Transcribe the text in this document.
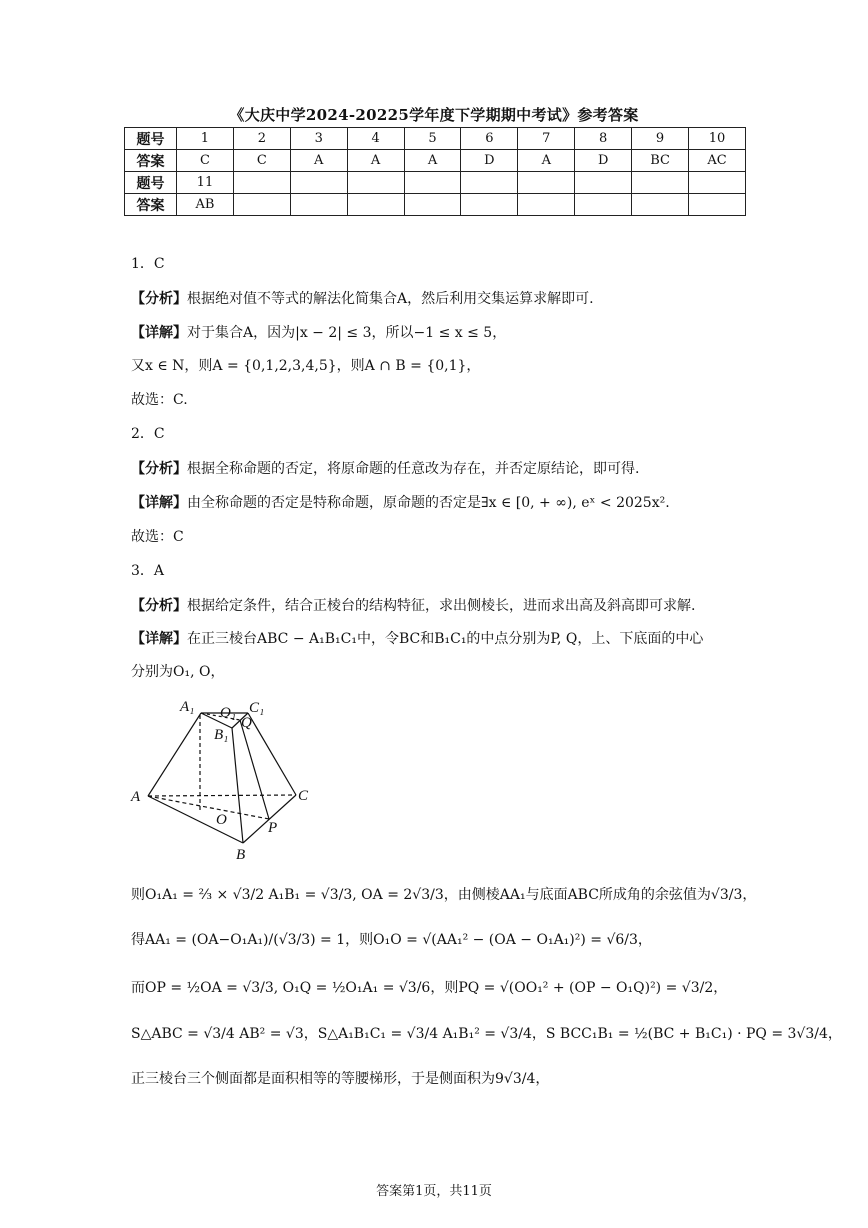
《大庆中学2024-20225学年度下学期期中考试》参考答案
题号	1	2	3	4	5	6	7	8	9	10
答案	C	C	A	A	A	D	A	D	BC	AC
题号	11									
答案	AB									
1．C
【分析】根据绝对值不等式的解法化简集合A，然后利用交集运算求解即可.
【详解】对于集合A，因为|x − 2| ≤ 3，所以−1 ≤ x ≤ 5，
又x ∈ N，则A = {0,1,2,3,4,5}，则A ∩ B = {0,1}，
故选：C.
2．C
【分析】根据全称命题的否定，将原命题的任意改为存在，并否定原结论，即可得.
【详解】由全称命题的否定是特称命题，原命题的否定是∃x ∈ [0, + ∞), eˣ < 2025x².
故选：C
3．A
【分析】根据给定条件，结合正棱台的结构特征，求出侧棱长，进而求出高及斜高即可求解.
【详解】在正三棱台ABC − A₁B₁C₁中，令BC和B₁C₁的中点分别为P, Q，上、下底面的中心
分别为O₁, O，
A₁ O₁ C₁
B₁
Q
A	C
O	P
B
则O₁A₁ = ⅔ × √3/2 A₁B₁ = √3/3, OA = 2√3/3，由侧棱AA₁与底面ABC所成角的余弦值为√3/3，
得AA₁ = (OA−O₁A₁)/(√3/3) = 1，则O₁O = √(AA₁² − (OA − O₁A₁)²) = √6/3，
而OP = ½OA = √3/3, O₁Q = ½O₁A₁ = √3/6，则PQ = √(OO₁² + (OP − O₁Q)²) = √3/2，
S△ABC = √3/4 AB² = √3，S△A₁B₁C₁ = √3/4 A₁B₁² = √3/4，S BCC₁B₁ = ½(BC + B₁C₁) · PQ = 3√3/4，
正三棱台三个侧面都是面积相等的等腰梯形，于是侧面积为9√3/4，
答案第1页，共11页
